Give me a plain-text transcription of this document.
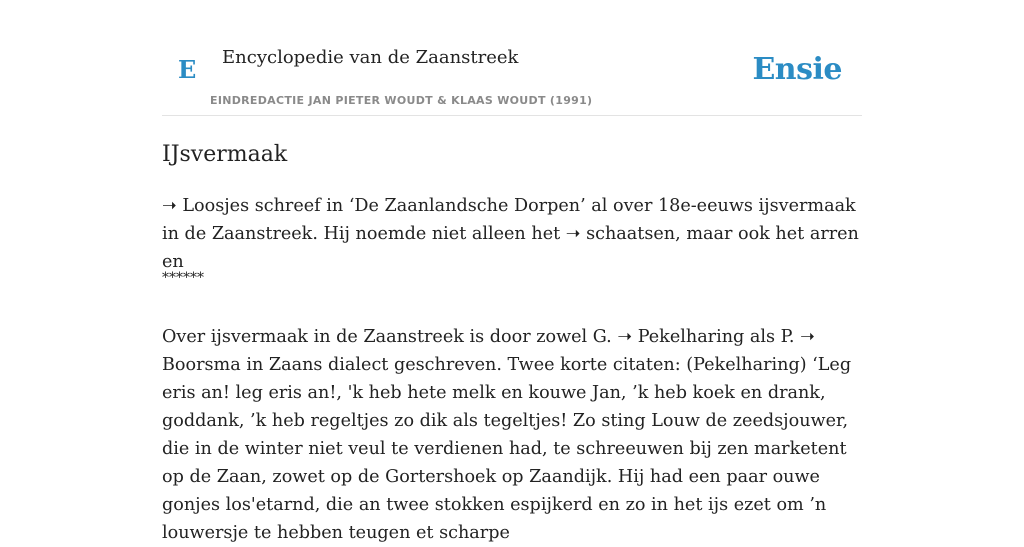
E Encyclopedie van de Zaanstreek
EINDREDACTIE JAN PIETER WOUDT & KLAAS WOUDT (1991)
Ensie
IJsvermaak

➝ Loosjes schreef in ‘De Zaanlandsche Dorpen’ al over 18e-eeuws ijsvermaak in de Zaanstreek. Hij noemde niet alleen het ➝ schaatsen, maar ook het arren en

******

Over ijsvermaak in de Zaanstreek is door zowel G. ➝ Pekelharing als P. ➝ Boorsma in Zaans dialect geschreven. Twee korte citaten: (Pekelharing) ‘Leg eris an! leg eris an!, 'k heb hete melk en kouwe Jan, ’k heb koek en drank, goddank, ’k heb regeltjes zo dik als tegeltjes! Zo sting Louw de zeedsjouwer, die in de winter niet veul te verdienen had, te schreeuwen bij zen marketent op de Zaan, zowet op de Gortershoek op Zaandijk. Hij had een paar ouwe gonjes los'etarnd, die an twee stokken espijkerd en zo in het ijs ezet om ’n louwersje te hebben teugen et scharpe
